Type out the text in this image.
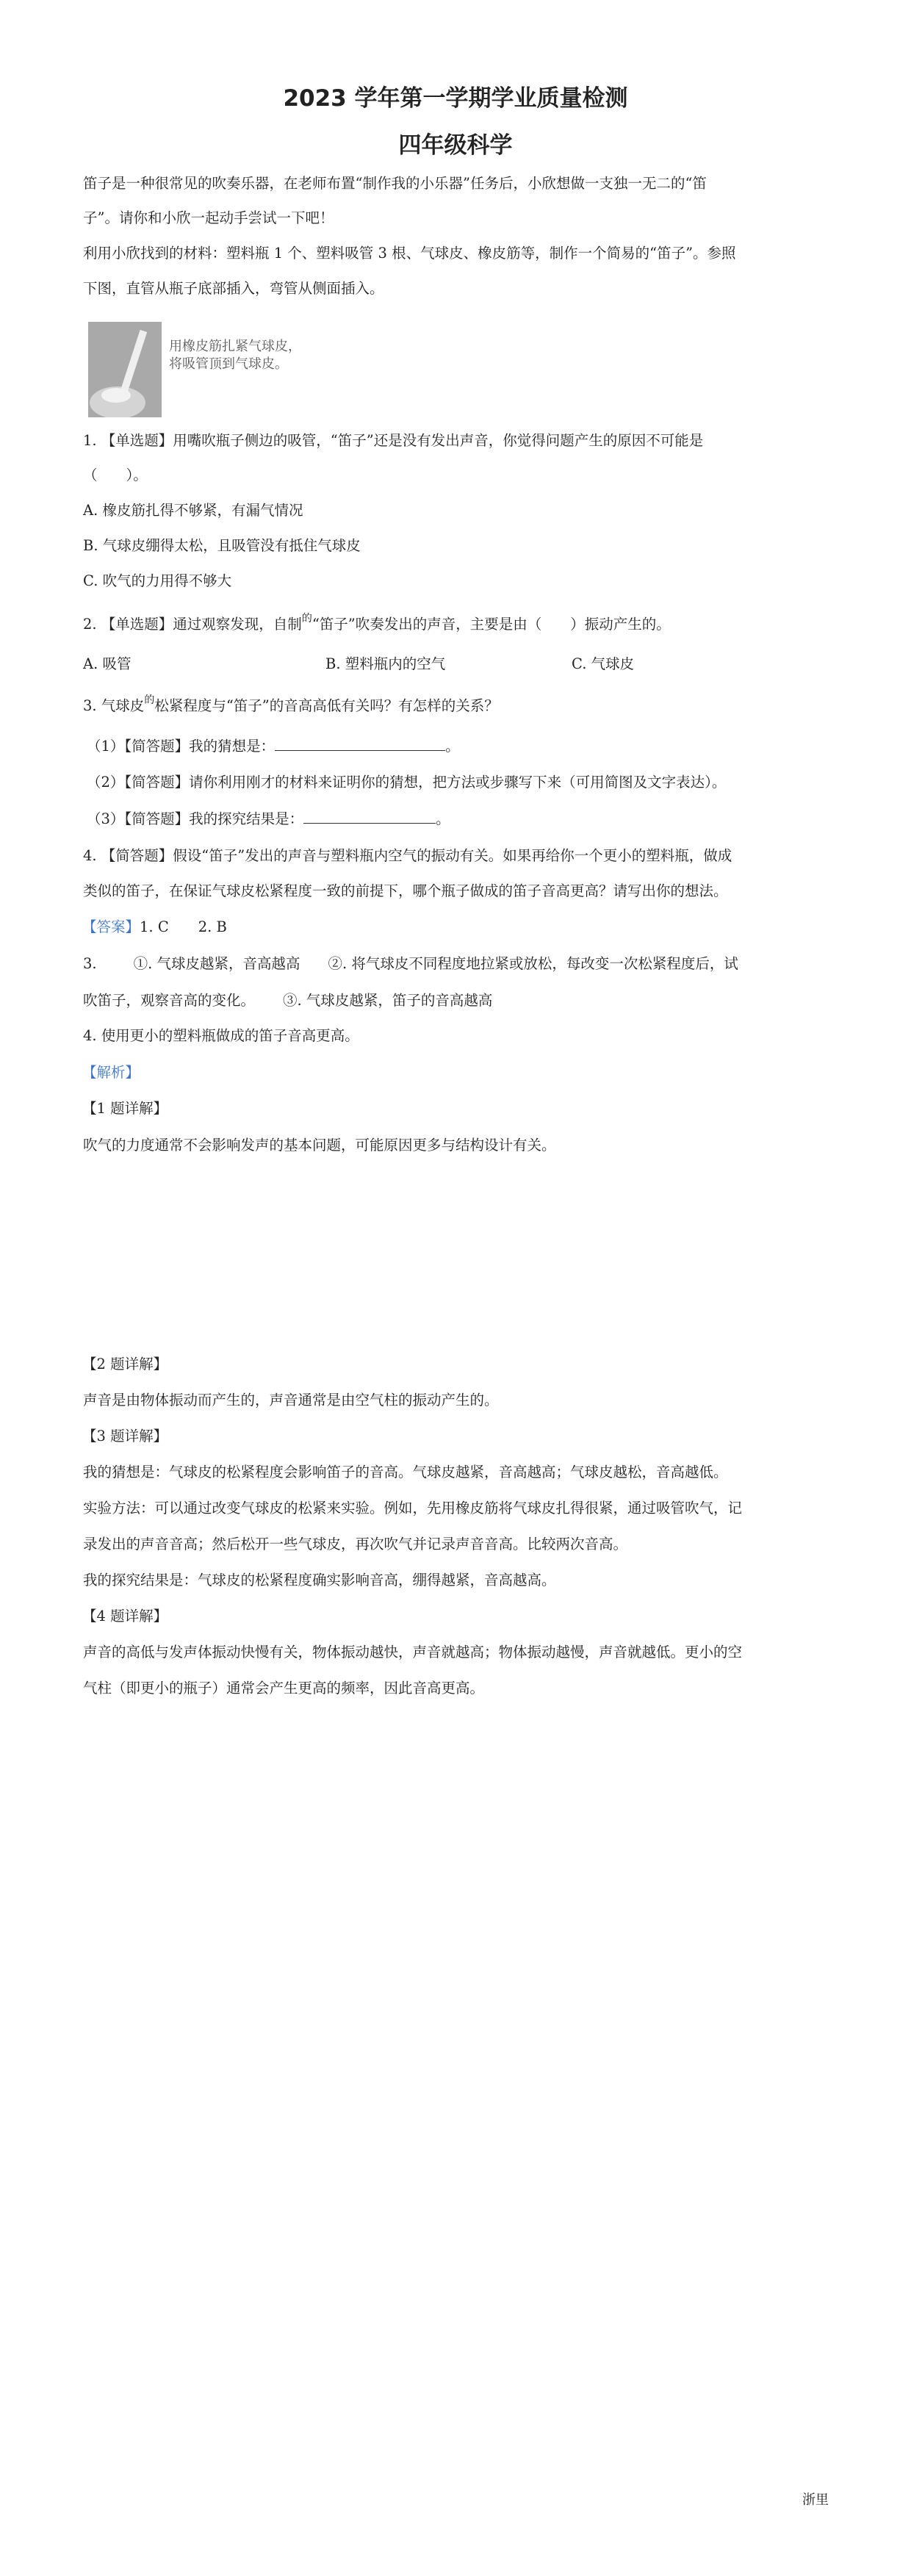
2023 学年第一学期学业质量检测
四年级科学
笛子是一种很常见的吹奏乐器，在老师布置“制作我的小乐器”任务后，小欣想做一支独一无二的“笛
子”。请你和小欣一起动手尝试一下吧！
利用小欣找到的材料：塑料瓶 1 个、塑料吸管 3 根、气球皮、橡皮筋等，制作一个简易的“笛子”。参照
下图，直管从瓶子底部插入，弯管从侧面插入。
用橡皮筋扎紧气球皮，将吸管顶到气球皮。
1. 【单选题】用嘴吹瓶子侧边的吸管，“笛子”还是没有发出声音，你觉得问题产生的原因不可能是
（　　）。
A. 橡皮筋扎得不够紧，有漏气情况
B. 气球皮绷得太松，且吸管没有抵住气球皮
C. 吹气的力用得不够大
2. 【单选题】通过观察发现，自制$^的$“笛子”吹奏发出的声音，主要是由（　　）振动产生的。
A. 吸管	B. 塑料瓶内的空气	C. 气球皮
3. 气球皮$^的$松紧程度与“笛子”的音高高低有关吗？有怎样的关系？
（1）【简答题】我的猜想是：	。
（2）【简答题】请你利用刚才的材料来证明你的猜想，把方法或步骤写下来（可用简图及文字表达）。
（3）【简答题】我的探究结果是：	。
4. 【简答题】假设“笛子”发出的声音与塑料瓶内空气的振动有关。如果再给你一个更小的塑料瓶，做成
类似的笛子，在保证气球皮松紧程度一致的前提下，哪个瓶子做成的笛子音高更高？请写出你的想法。
【答案】1. C 2. B
3.	①. 气球皮越紧，音高越高 ②. 将气球皮不同程度地拉紧或放松，每改变一次松紧程度后，试
吹笛子，观察音高的变化。 ③. 气球皮越紧，笛子的音高越高
4. 使用更小的塑料瓶做成的笛子音高更高。
【解析】
【1 题详解】
吹气的力度通常不会影响发声的基本问题，可能原因更多与结构设计有关。
【2 题详解】
声音是由物体振动而产生的，声音通常是由空气柱的振动产生的。
【3 题详解】
我的猜想是：气球皮的松紧程度会影响笛子的音高。气球皮越紧，音高越高；气球皮越松，音高越低。
实验方法：可以通过改变气球皮的松紧来实验。例如，先用橡皮筋将气球皮扎得很紧，通过吸管吹气，记
录发出的声音音高；然后松开一些气球皮，再次吹气并记录声音音高。比较两次音高。
我的探究结果是：气球皮的松紧程度确实影响音高，绷得越紧，音高越高。
【4 题详解】
声音的高低与发声体振动快慢有关，物体振动越快，声音就越高；物体振动越慢，声音就越低。更小的空
气柱（即更小的瓶子）通常会产生更高的频率，因此音高更高。
浙里
